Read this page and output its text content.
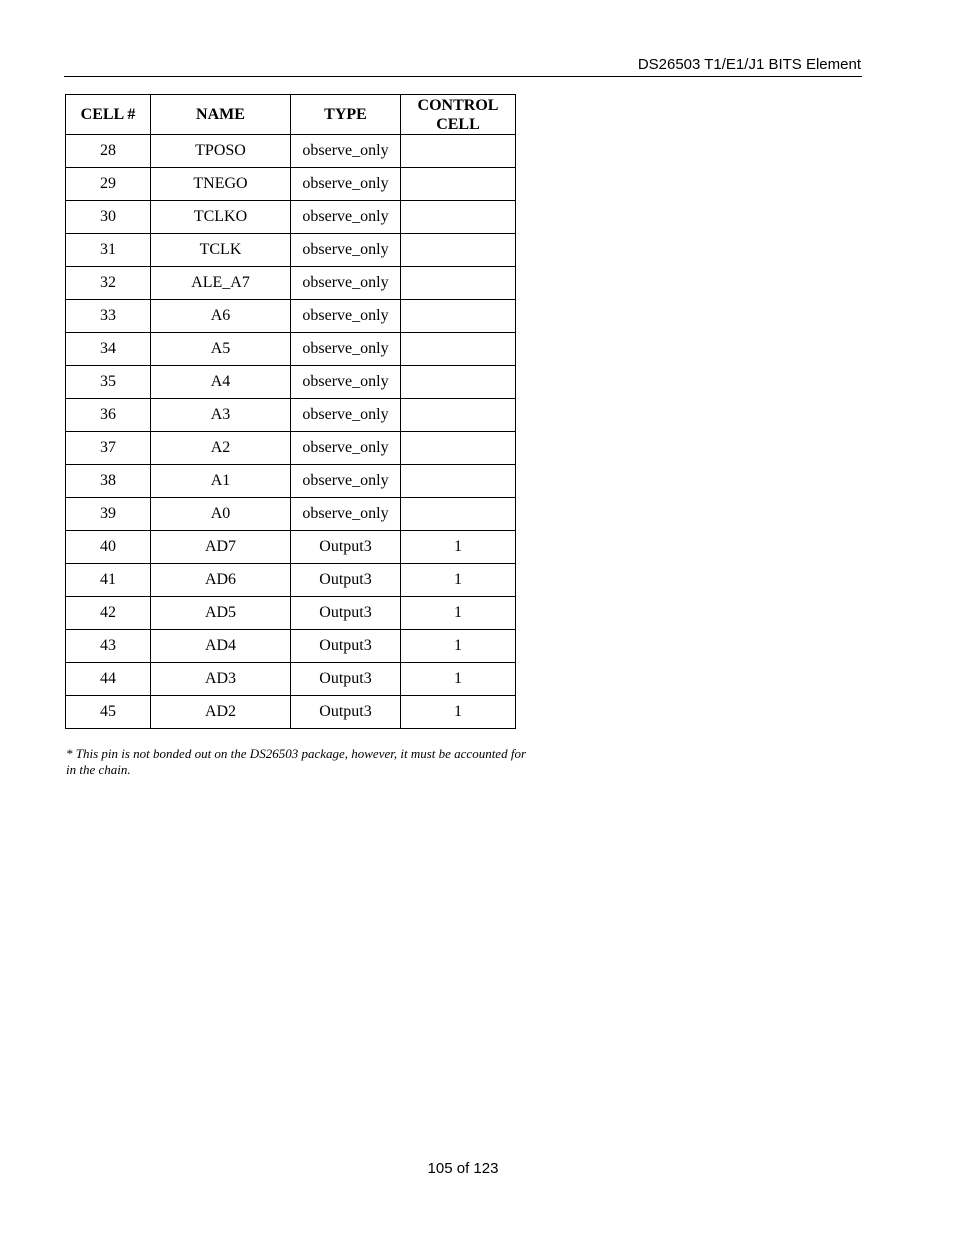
DS26503 T1/E1/J1 BITS Element
CELL #	NAME	TYPE	CONTROL CELL
28	TPOSO	observe_only	
29	TNEGO	observe_only	
30	TCLKO	observe_only	
31	TCLK	observe_only	
32	ALE_A7	observe_only	
33	A6	observe_only	
34	A5	observe_only	
35	A4	observe_only	
36	A3	observe_only	
37	A2	observe_only	
38	A1	observe_only	
39	A0	observe_only	
40	AD7	Output3	1
41	AD6	Output3	1
42	AD5	Output3	1
43	AD4	Output3	1
44	AD3	Output3	1
45	AD2	Output3	1
* This pin is not bonded out on the DS26503 package, however, it must be accounted for in the chain.
105 of 123
